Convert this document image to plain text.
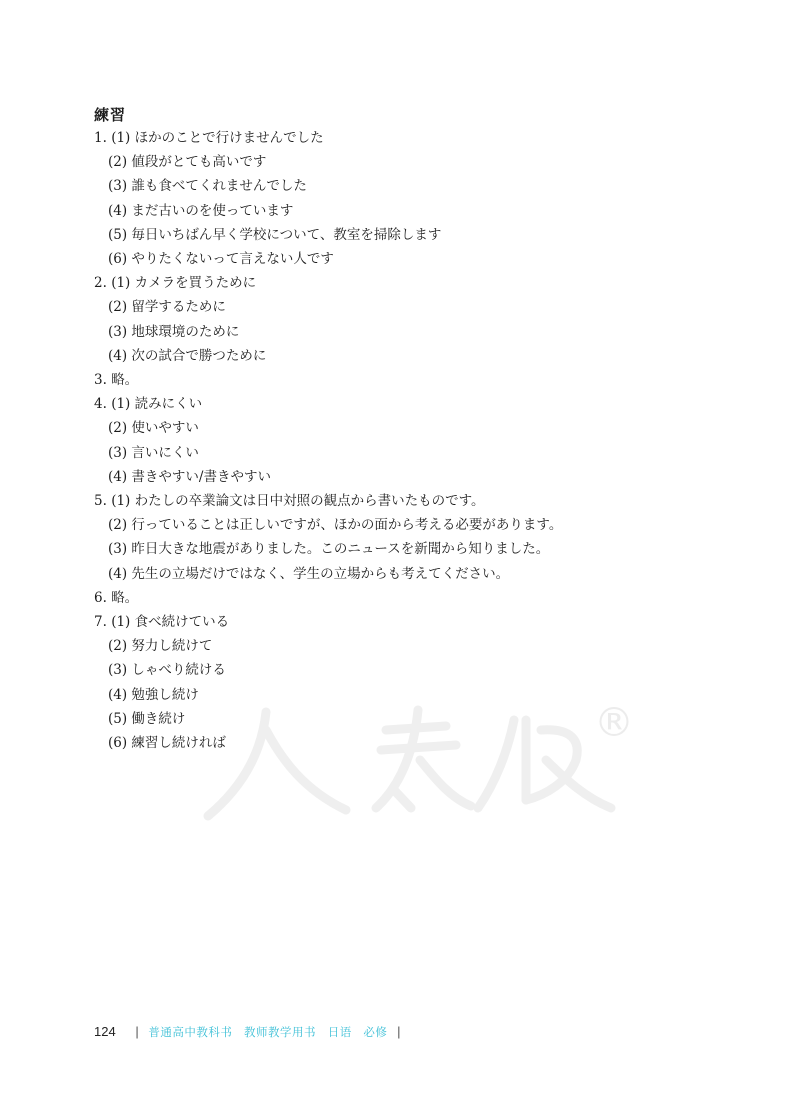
練習
1. (1) ほかのことで行けませんでした
(2) 値段がとても高いです
(3) 誰も食べてくれませんでした
(4) まだ古いのを使っています
(5) 毎日いちばん早く学校について、教室を掃除します
(6) やりたくないって言えない人です
2. (1) カメラを買うために
(2) 留学するために
(3) 地球環境のために
(4) 次の試合で勝つために
3. 略。
4. (1) 読みにくい
(2) 使いやすい
(3) 言いにくい
(4) 書きやすい/書きやすい
5. (1) わたしの卒業論文は日中対照の観点から書いたものです。
(2) 行っていることは正しいですが、ほかの面から考える必要があります。
(3) 昨日大きな地震がありました。このニュースを新聞から知りました。
(4) 先生の立場だけではなく、学生の立場からも考えてください。
6. 略。
7. (1) 食べ続けている
(2) 努力し続けて
(3) しゃべり続ける
(4) 勉強し続け
(5) 働き続け
(6) 練習し続ければ	®
124 | 普通高中教科书 教师教学用书 日语 必修 |
